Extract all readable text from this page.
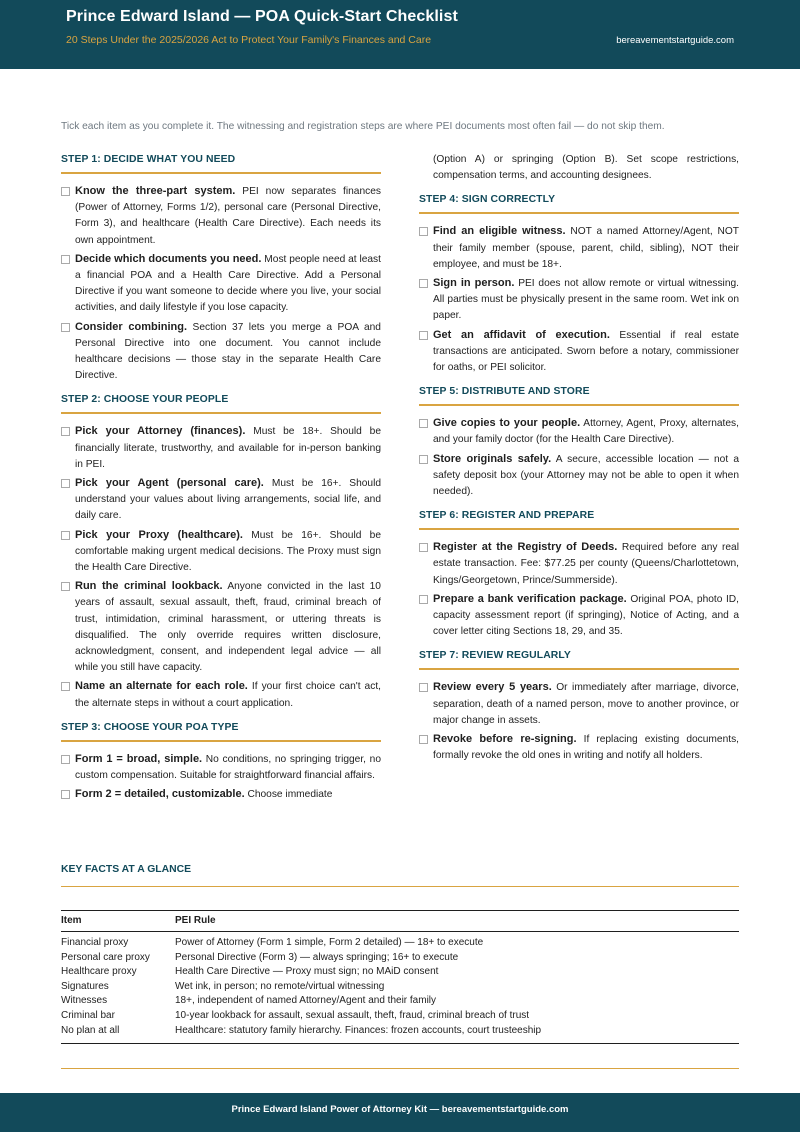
Prince Edward Island — POA Quick-Start Checklist
20 Steps Under the 2025/2026 Act to Protect Your Family's Finances and Care	bereavementstartguide.com
Tick each item as you complete it. The witnessing and registration steps are where PEI documents most often fail — do not skip them.
STEP 1: DECIDE WHAT YOU NEED
Know the three-part system. PEI now separates finances (Power of Attorney, Forms 1/2), personal care (Personal Directive, Form 3), and healthcare (Health Care Directive). Each needs its own appointment.
Decide which documents you need. Most people need at least a financial POA and a Health Care Directive. Add a Personal Directive if you want someone to decide where you live, your social activities, and daily lifestyle if you lose capacity.
Consider combining. Section 37 lets you merge a POA and Personal Directive into one document. You cannot include healthcare decisions — those stay in the separate Health Care Directive.
STEP 2: CHOOSE YOUR PEOPLE
Pick your Attorney (finances). Must be 18+. Should be financially literate, trustworthy, and available for in-person banking in PEI.
Pick your Agent (personal care). Must be 16+. Should understand your values about living arrangements, social life, and daily care.
Pick your Proxy (healthcare). Must be 16+. Should be comfortable making urgent medical decisions. The Proxy must sign the Health Care Directive.
Run the criminal lookback. Anyone convicted in the last 10 years of assault, sexual assault, theft, fraud, criminal breach of trust, intimidation, criminal harassment, or uttering threats is disqualified. The only override requires written disclosure, acknowledgment, consent, and independent legal advice — all while you still have capacity.
Name an alternate for each role. If your first choice can't act, the alternate steps in without a court application.
STEP 3: CHOOSE YOUR POA TYPE
Form 1 = broad, simple. No conditions, no springing trigger, no custom compensation. Suitable for straightforward financial affairs.
Form 2 = detailed, customizable. Choose immediate
(Option A) or springing (Option B). Set scope restrictions, compensation terms, and accounting designees.
STEP 4: SIGN CORRECTLY
Find an eligible witness. NOT a named Attorney/Agent, NOT their family member (spouse, parent, child, sibling), NOT their employee, and must be 18+.
Sign in person. PEI does not allow remote or virtual witnessing. All parties must be physically present in the same room. Wet ink on paper.
Get an affidavit of execution. Essential if real estate transactions are anticipated. Sworn before a notary, commissioner for oaths, or PEI solicitor.
STEP 5: DISTRIBUTE AND STORE
Give copies to your people. Attorney, Agent, Proxy, alternates, and your family doctor (for the Health Care Directive).
Store originals safely. A secure, accessible location — not a safety deposit box (your Attorney may not be able to open it when needed).
STEP 6: REGISTER AND PREPARE
Register at the Registry of Deeds. Required before any real estate transaction. Fee: $77.25 per county (Queens/Charlottetown, Kings/Georgetown, Prince/Summerside).
Prepare a bank verification package. Original POA, photo ID, capacity assessment report (if springing), Notice of Acting, and a cover letter citing Sections 18, 29, and 35.
STEP 7: REVIEW REGULARLY
Review every 5 years. Or immediately after marriage, divorce, separation, death of a named person, move to another province, or major change in assets.
Revoke before re-signing. If replacing existing documents, formally revoke the old ones in writing and notify all holders.
KEY FACTS AT A GLANCE
Item	PEI Rule
Financial proxy	Power of Attorney (Form 1 simple, Form 2 detailed) — 18+ to execute
Personal care proxy	Personal Directive (Form 3) — always springing; 16+ to execute
Healthcare proxy	Health Care Directive — Proxy must sign; no MAiD consent
Signatures	Wet ink, in person; no remote/virtual witnessing
Witnesses	18+, independent of named Attorney/Agent and their family
Criminal bar	10-year lookback for assault, sexual assault, theft, fraud, criminal breach of trust
No plan at all	Healthcare: statutory family hierarchy. Finances: frozen accounts, court trusteeship
Prince Edward Island Power of Attorney Kit — bereavementstartguide.com
